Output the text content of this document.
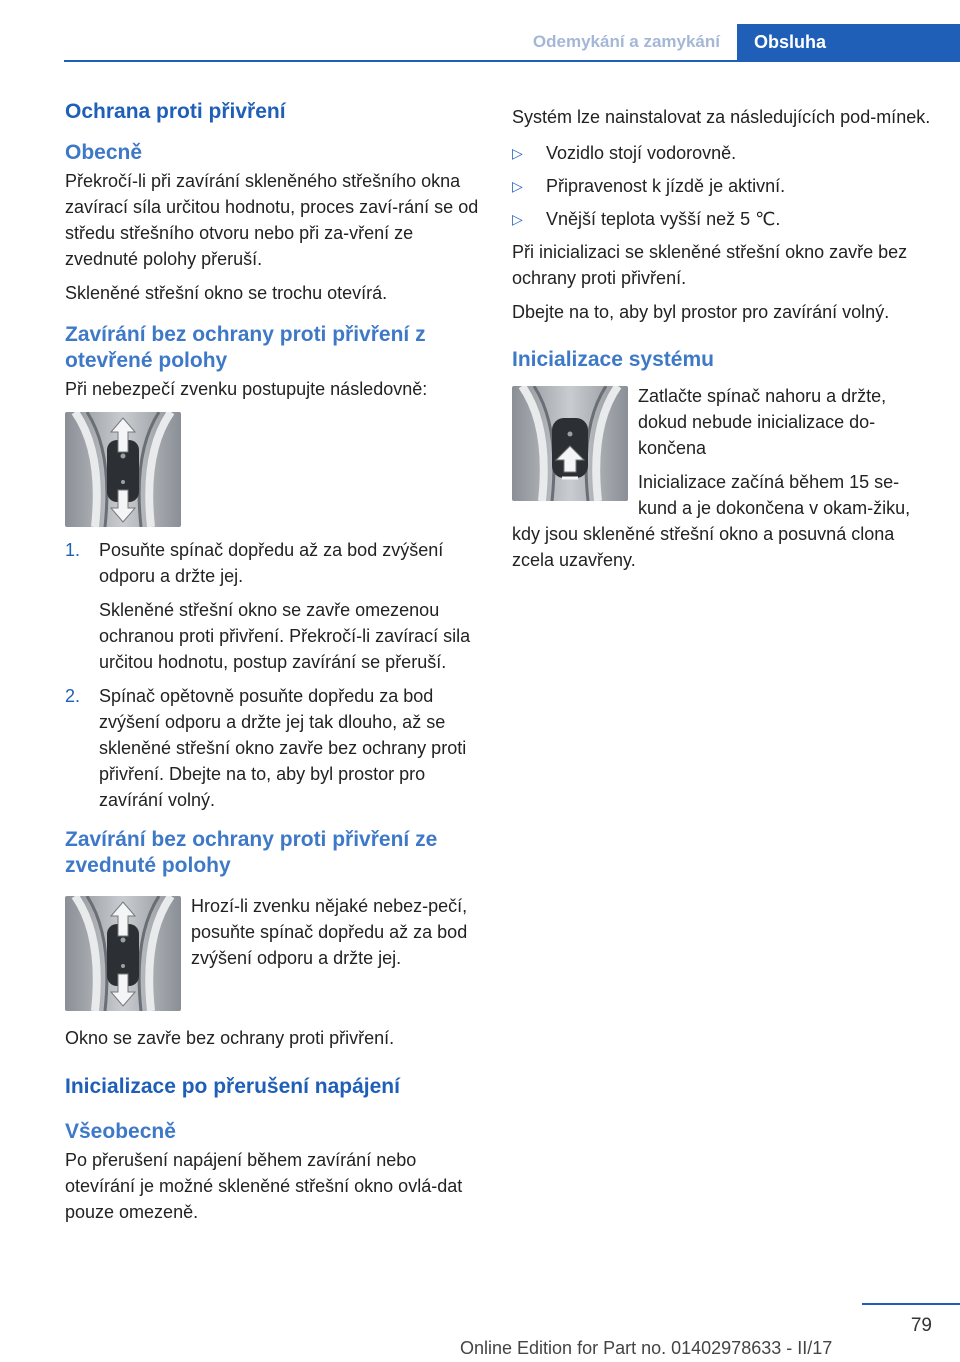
Odemykání a zamykání	Obsluha
Ochrana proti přivření
Obecně

Překročí-li při zavírání skleněného střešního okna zavírací síla určitou hodnotu, proces zaví‐rání se od středu střešního otvoru nebo při za‐vření ze zvednuté polohy přeruší.

Skleněné střešní okno se trochu otevírá.

Zavírání bez ochrany proti přivření z otevřené polohy

Při nebezpečí zvenku postupujte následovně:

1. Posuňte spínač dopředu až za bod zvýšení odporu a držte jej.
Skleněné střešní okno se zavře omezenou ochranou proti přivření. Překročí-li zavírací sila určitou hodnotu, postup zavírání se přeruší.
2. Spínač opětovně posuňte dopředu za bod zvýšení odporu a držte jej tak dlouho, až se skleněné střešní okno zavře bez ochrany proti přivření. Dbejte na to, aby byl prostor pro zavírání volný.
Zavírání bez ochrany proti přivření ze zvednuté polohy

Hrozí-li zvenku nějaké nebez‐pečí, posuňte spínač dopředu až za bod zvýšení odporu a držte jej.

Okno se zavře bez ochrany proti přivření.

Inicializace po přerušení napájení
Všeobecně

Po přerušení napájení během zavírání nebo otevírání je možné skleněné střešní okno ovlá‐dat pouze omezeně.

Systém lze nainstalovat za následujících pod‐mínek.

▷ Vozidlo stojí vodorovně.
▷ Připravenost k jízdě je aktivní.
▷ Vnější teplota vyšší než 5 ℃.

Při inicializaci se skleněné střešní okno zavře bez ochrany proti přivření.

Dbejte na to, aby byl prostor pro zavírání volný.

Inicializace systému

Zatlačte spínač nahoru a držte, dokud nebude inicializace do‐končena

Inicializace začíná během 15 se‐kund a je dokončena v okam‐žiku, kdy jsou skleněné střešní okno a posuvná clona zcela uzavřeny.

79
Online Edition for Part no. 01402978633 - II/17
